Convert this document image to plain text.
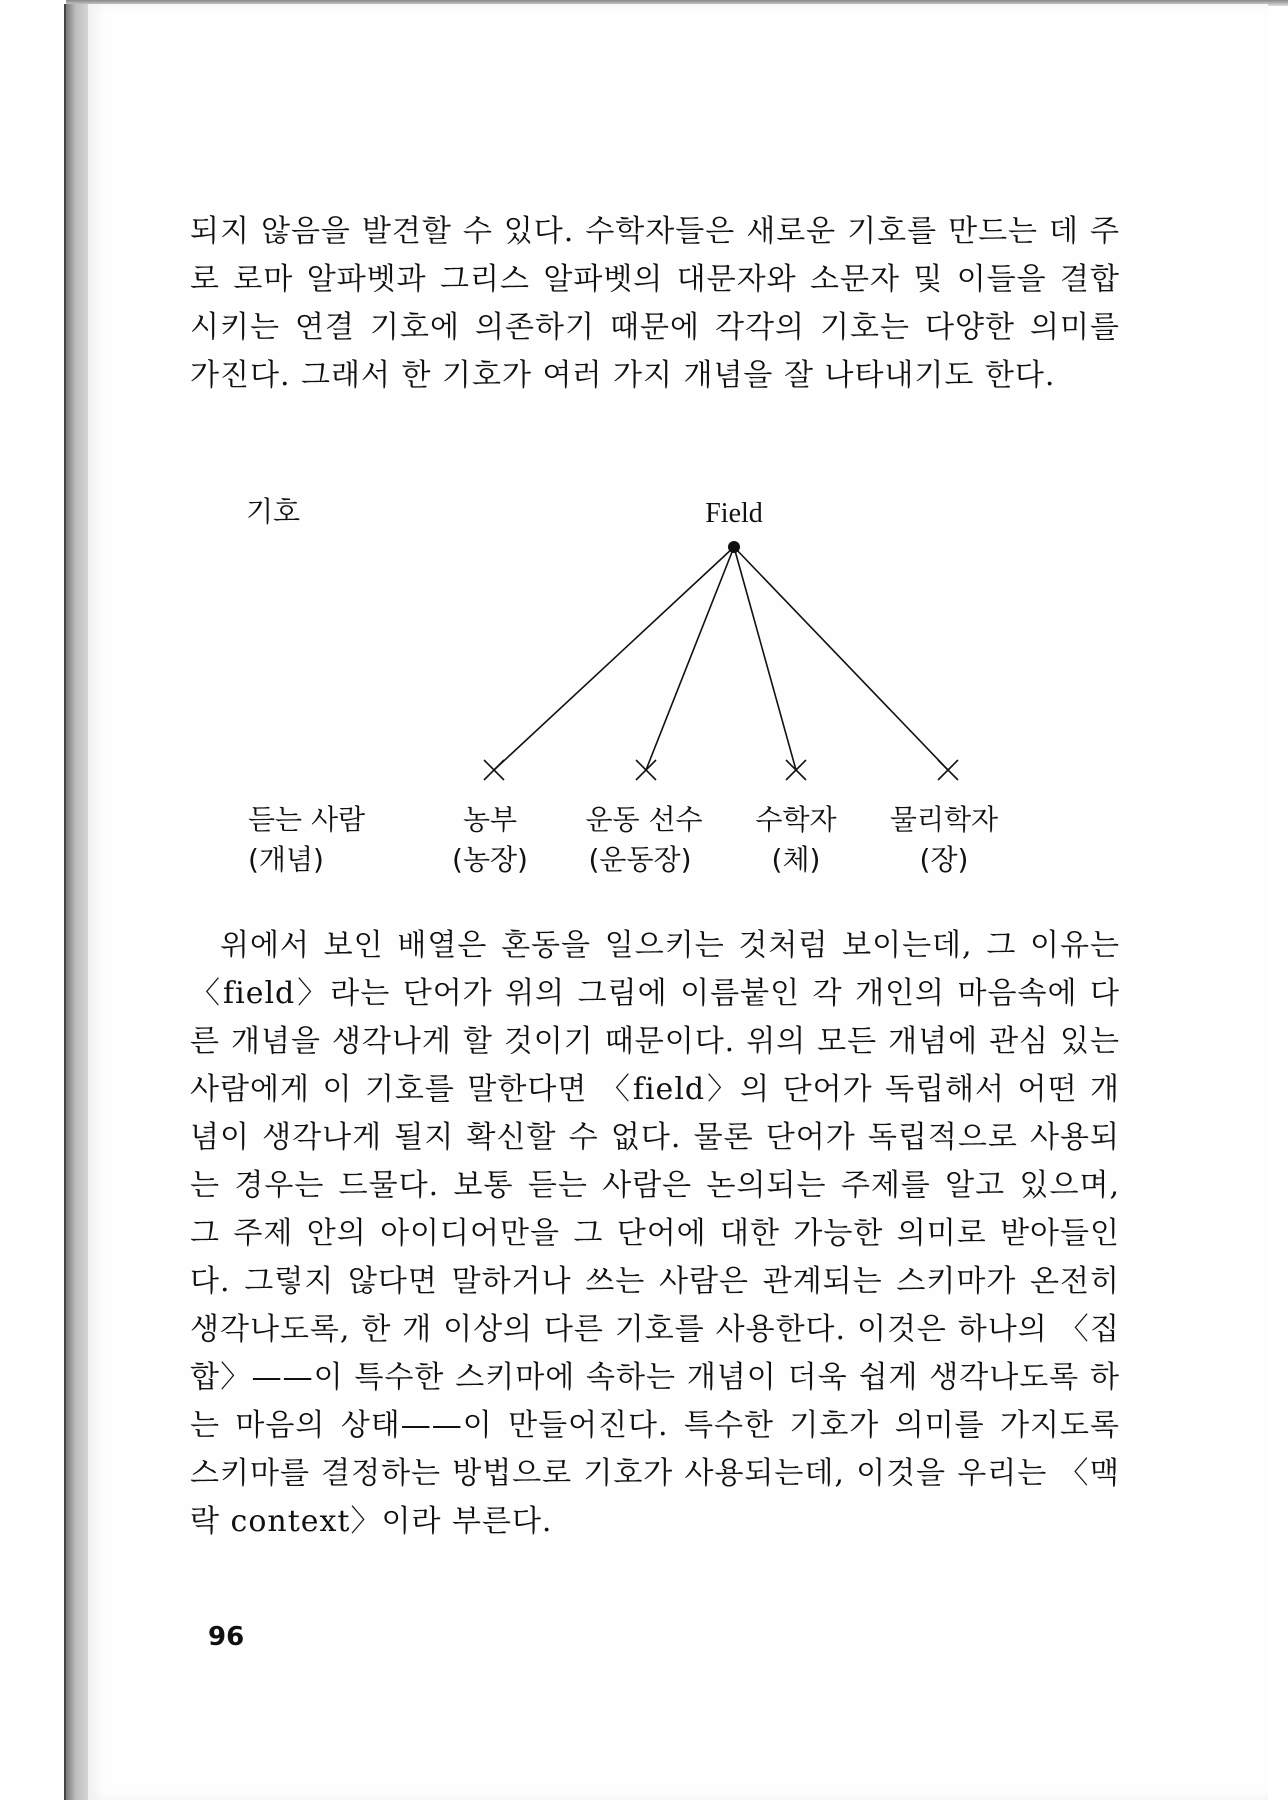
되지 않음을 발견할 수 있다. 수학자들은 새로운 기호를 만드는 데 주로 로마 알파벳과 그리스 알파벳의 대문자와 소문자 및 이들을 결합시키는 연결 기호에 의존하기 때문에 각각의 기호는 다양한 의미를 가진다. 그래서 한 기호가 여러 가지 개념을 잘 나타내기도 한다.

기호	Field
듣는 사람
(개념)
농부
(농장)
운동 선수
(운동장)
수학자
(체)
물리학자
(장)

위에서 보인 배열은 혼동을 일으키는 것처럼 보이는데, 그 이유는 〈field〉라는 단어가 위의 그림에 이름붙인 각 개인의 마음속에 다른 개념을 생각나게 할 것이기 때문이다. 위의 모든 개념에 관심 있는 사람에게 이 기호를 말한다면 〈field〉의 단어가 독립해서 어떤 개념이 생각나게 될지 확신할 수 없다. 물론 단어가 독립적으로 사용되는 경우는 드물다. 보통 듣는 사람은 논의되는 주제를 알고 있으며, 그 주제 안의 아이디어만을 그 단어에 대한 가능한 의미로 받아들인다. 그렇지 않다면 말하거나 쓰는 사람은 관계되는 스키마가 온전히 생각나도록, 한 개 이상의 다른 기호를 사용한다. 이것은 하나의 〈집합〉——이 특수한 스키마에 속하는 개념이 더욱 쉽게 생각나도록 하는 마음의 상태——이 만들어진다. 특수한 기호가 의미를 가지도록 스키마를 결정하는 방법으로 기호가 사용되는데, 이것을 우리는 〈맥락 context〉이라 부른다.

96
